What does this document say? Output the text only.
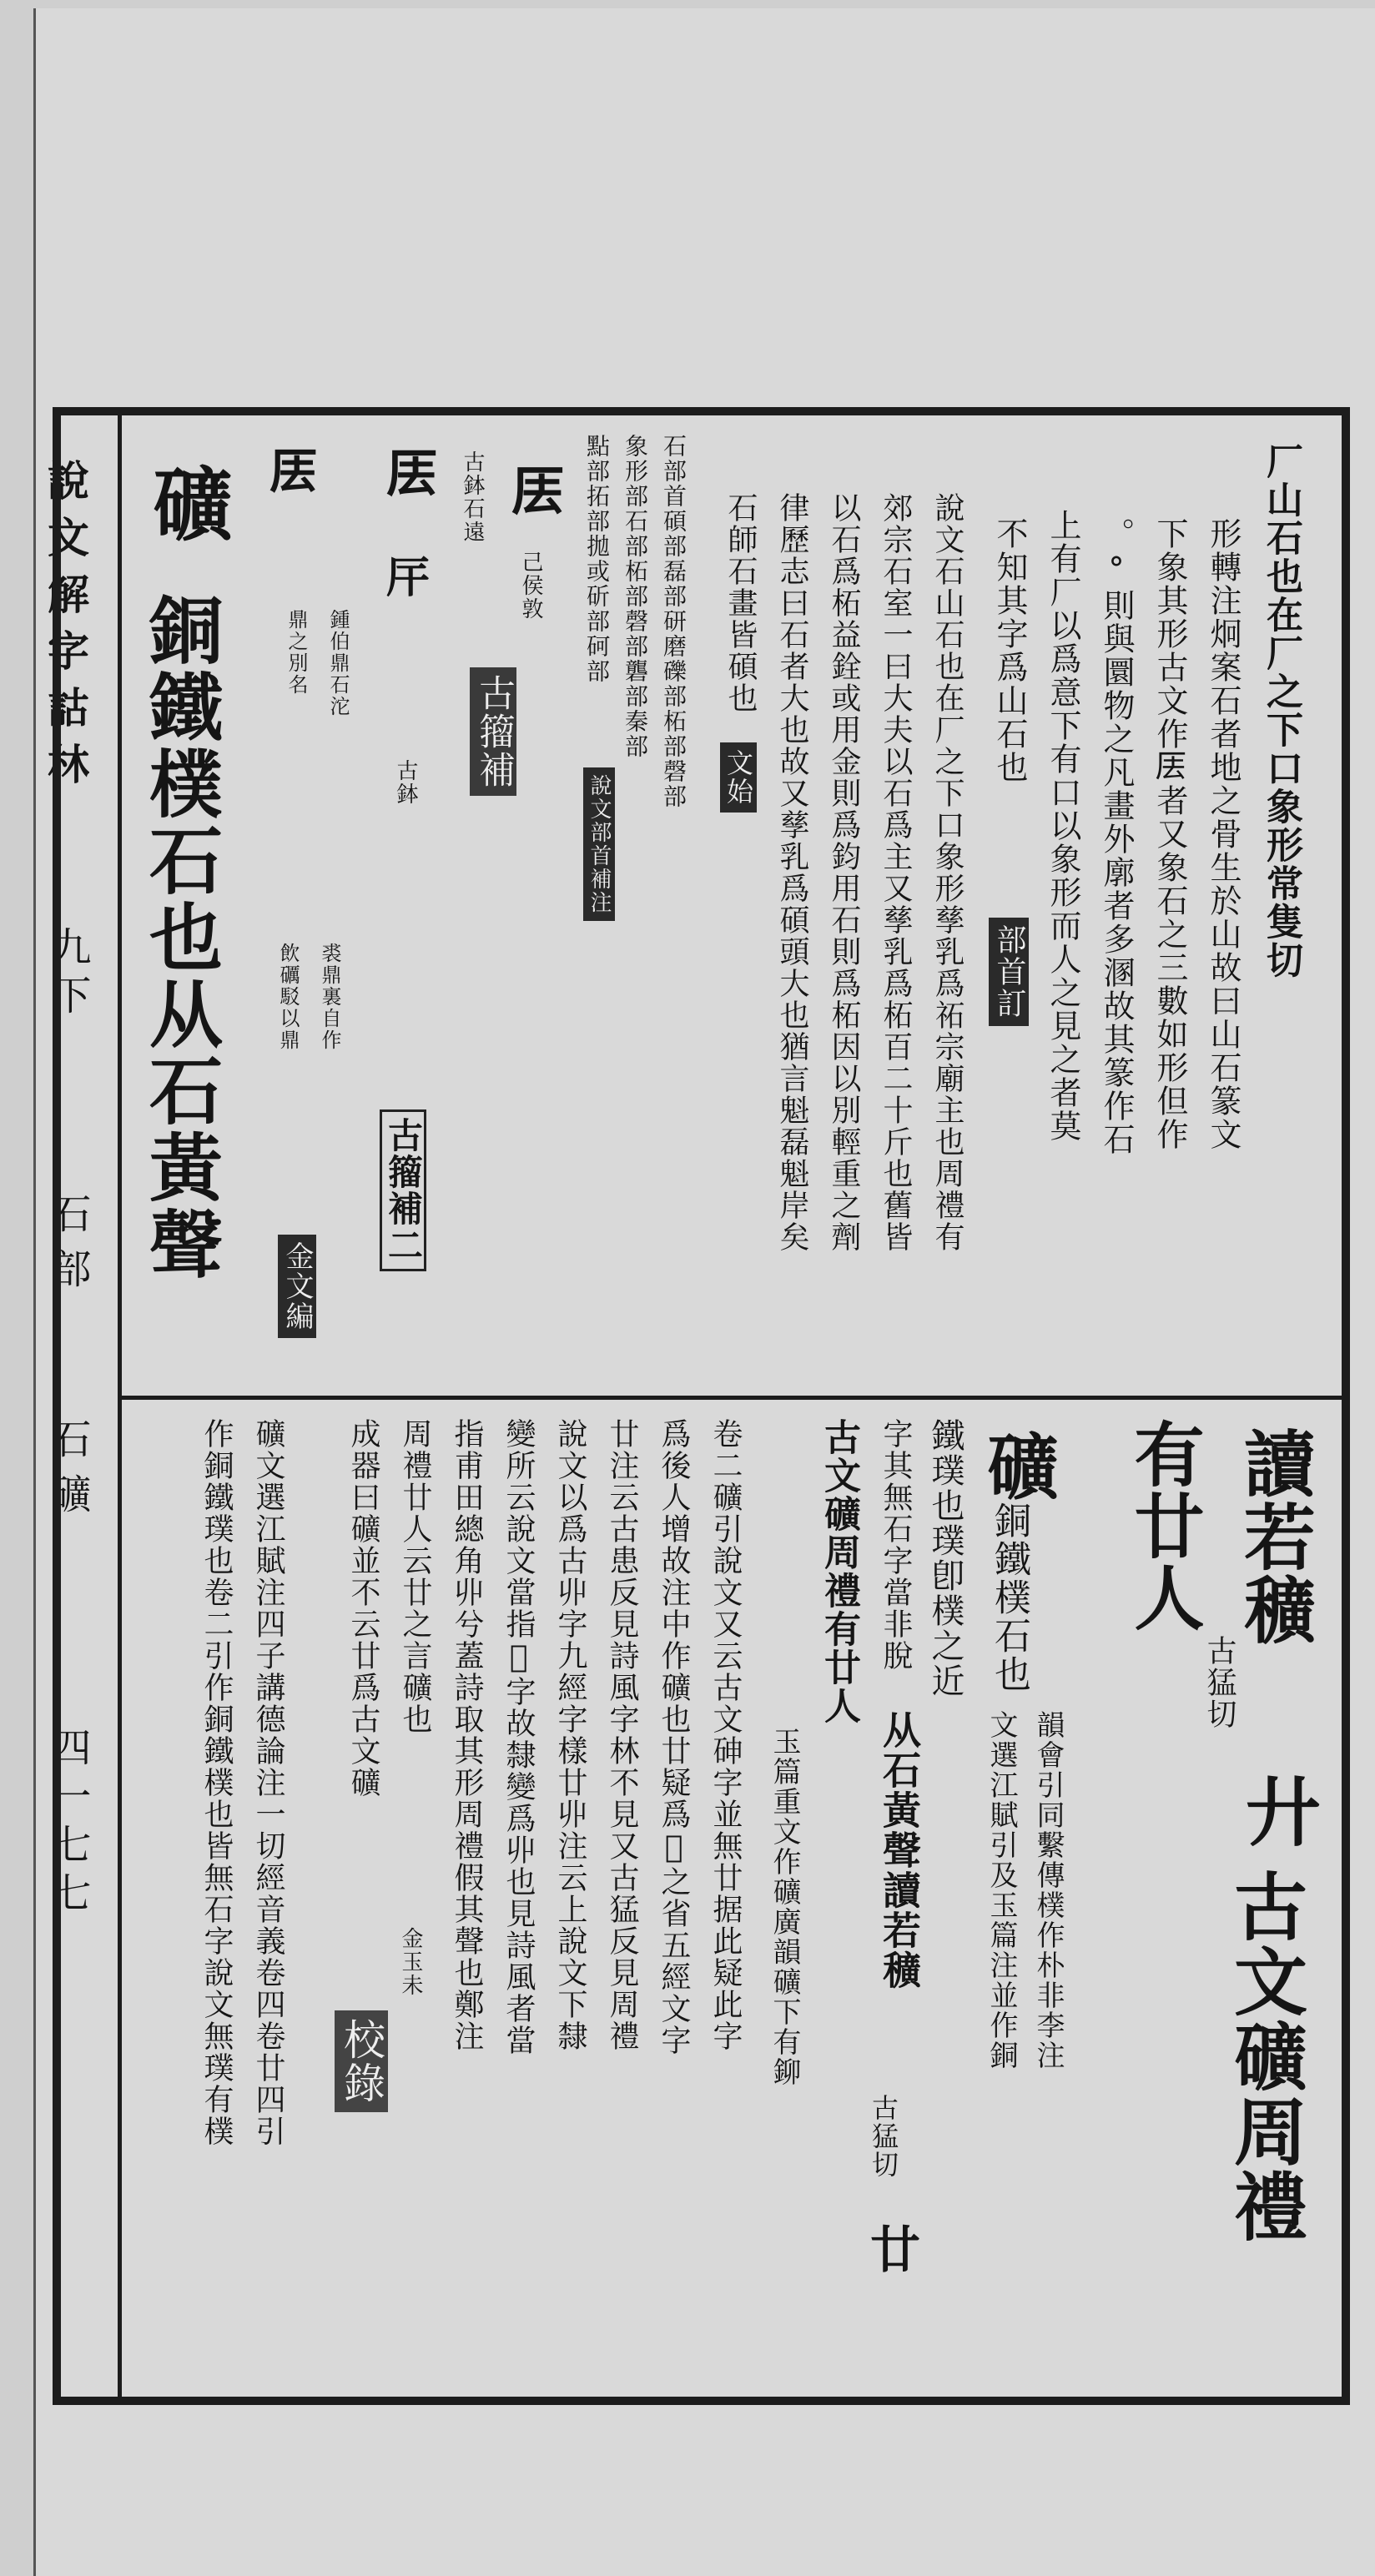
說文解字詁林
九下
石部
石礦
四一七七
厂山石也在厂之下口象形常隻切
形轉注炯案石者地之骨生於山故曰山石篆文
下象其形古文作𠩂者又象石之三數如形但作
。°則與圜物之凡畫外廓者多溷故其篆作石
上有厂以爲意下有口以象形而人之見之者莫
不知其字爲山石也
部首訂
說文石山石也在厂之下口象形孳乳爲祏宗廟主也周禮有
郊宗石室一曰大夫以石爲主又孳乳爲柘百二十斤也舊皆
以石爲柘益銓或用金則爲鈞用石則爲柘因以別輕重之劑
律歷志曰石者大也故又孳乳爲碩頭大也猶言魁磊魁岸矣
石師石畫皆碩也
文始
石部首碩部磊部研磨礫部柘部磬部
象形部石部柘部磬部礱部秦部
點部拓部拋或斫部砢部
說文部首補注
𠩂
己侯敦
古鉢石遠
古籀補
𠩂
古鉢
厈
𠩂
鍾伯鼎石沱
鼎之別名
裘鼎裏自作
飲礪駁以鼎
古籀補二
金文編
礦
銅鐵樸石也从石黃聲
讀若穬
古猛切
有廿人
古文礦周禮
廾
礦
銅鐵樸石也
韻會引同繫傳樸作朴非李注
文選江賦引及玉篇注並作銅
鐵璞也璞卽樸之近
从石黃聲讀若穬
古猛切
廿
字其無石字當非脫
古文礦周禮有廿人
玉篇重文作礦廣韻礦下有鉚
卷二礦引說文又云古文砷字並無廿据此疑此字
爲後人增故注中作礦也廿疑爲𠧔之省五經文字
廿注云古患反見詩風字林不見又古猛反見周禮
說文以爲古丱字九經字樣廿丱注云上說文下隸
變所云說文當指𠧔字故隸變爲丱也見詩風者當
指甫田總角丱兮蓋詩取其形周禮假其聲也鄭注
周禮廿人云廿之言礦也
金玉未
成器曰礦並不云廿爲古文礦
校錄
礦文選江賦注四子講德論注一切經音義卷四卷廿四引
作銅鐵璞也卷二引作銅鐵樸也皆無石字說文無璞有樸
